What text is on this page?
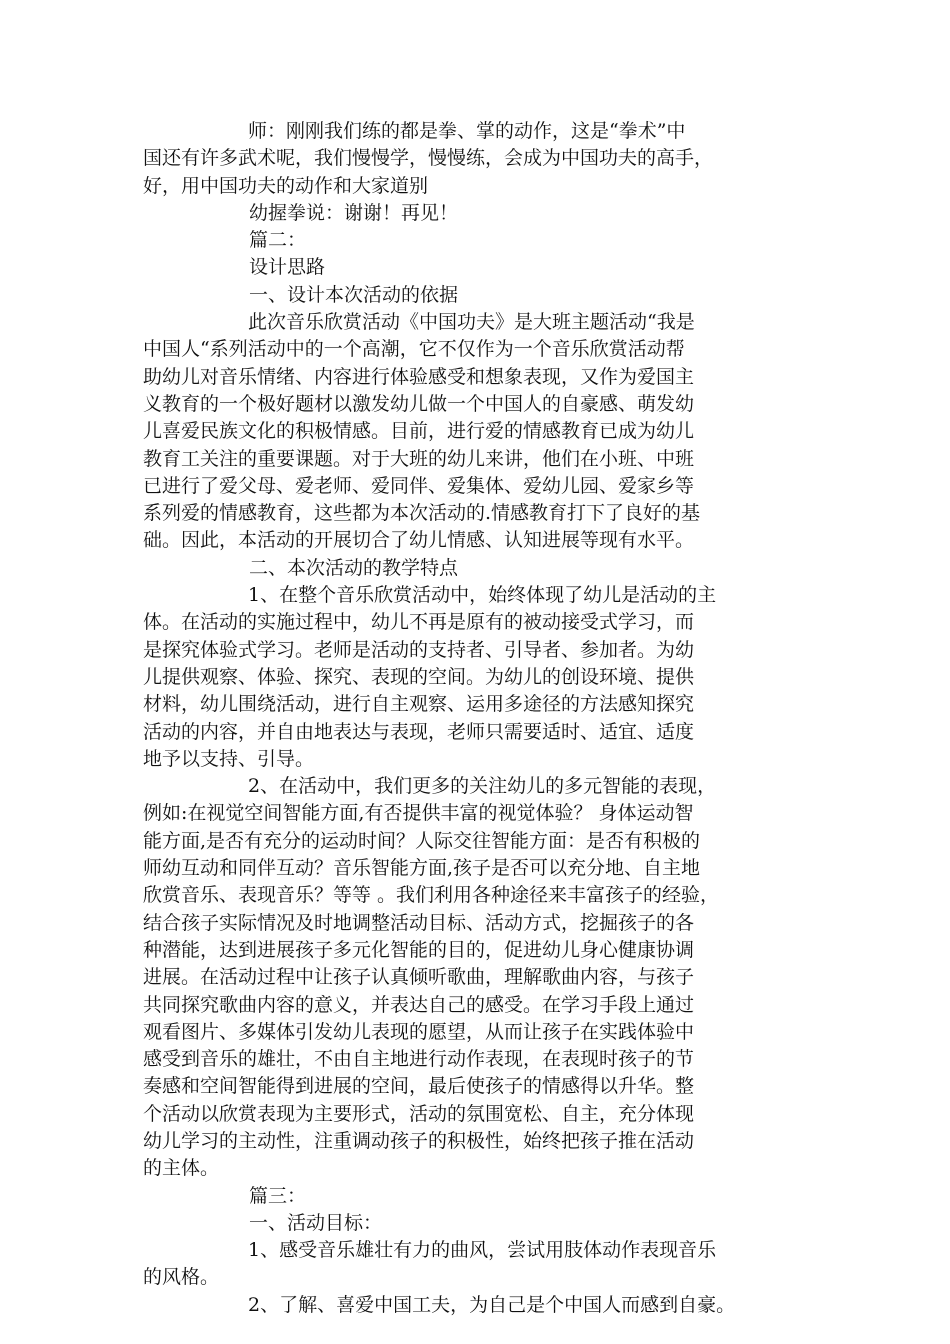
师：刚刚我们练的都是拳、掌的动作，这是“拳术”中
国还有许多武术呢，我们慢慢学，慢慢练，会成为中国功夫的高手，
好，用中国功夫的动作和大家道别
幼握拳说：谢谢！再见！
篇二：
设计思路
一、设计本次活动的依据
此次音乐欣赏活动《中国功夫》是大班主题活动“我是
中国人“系列活动中的一个高潮，它不仅作为一个音乐欣赏活动帮
助幼儿对音乐情绪、内容进行体验感受和想象表现，又作为爱国主
义教育的一个极好题材以激发幼儿做一个中国人的自豪感、萌发幼
儿喜爱民族文化的积极情感。目前，进行爱的情感教育已成为幼儿
教育工关注的重要课题。对于大班的幼儿来讲，他们在小班、中班
已进行了爱父母、爱老师、爱同伴、爱集体、爱幼儿园、爱家乡等
系列爱的情感教育，这些都为本次活动的.情感教育打下了良好的基
础。因此，本活动的开展切合了幼儿情感、认知进展等现有水平。
二、本次活动的教学特点
1、在整个音乐欣赏活动中，始终体现了幼儿是活动的主
体。在活动的实施过程中，幼儿不再是原有的被动接受式学习，而
是探究体验式学习。老师是活动的支持者、引导者、参加者。为幼
儿提供观察、体验、探究、表现的空间。为幼儿的创设环境、提供
材料，幼儿围绕活动，进行自主观察、运用多途径的方法感知探究
活动的内容，并自由地表达与表现，老师只需要适时、适宜、适度
地予以支持、引导。
2、在活动中，我们更多的关注幼儿的多元智能的表现，
例如:在视觉空间智能方面,有否提供丰富的视觉体验？ 身体运动智
能方面,是否有充分的运动时间？人际交往智能方面：是否有积极的
师幼互动和同伴互动？音乐智能方面,孩子是否可以充分地、自主地
欣赏音乐、表现音乐？等等 。我们利用各种途径来丰富孩子的经验，
结合孩子实际情况及时地调整活动目标、活动方式，挖掘孩子的各
种潜能，达到进展孩子多元化智能的目的，促进幼儿身心健康协调
进展。在活动过程中让孩子认真倾听歌曲，理解歌曲内容，与孩子
共同探究歌曲内容的意义，并表达自己的感受。在学习手段上通过
观看图片、多媒体引发幼儿表现的愿望，从而让孩子在实践体验中
感受到音乐的雄壮，不由自主地进行动作表现，在表现时孩子的节
奏感和空间智能得到进展的空间，最后使孩子的情感得以升华。整
个活动以欣赏表现为主要形式，活动的氛围宽松、自主，充分体现
幼儿学习的主动性，注重调动孩子的积极性，始终把孩子推在活动
的主体。
篇三：
一、活动目标：
1、感受音乐雄壮有力的曲风，尝试用肢体动作表现音乐
的风格。
2、了解、喜爱中国工夫，为自己是个中国人而感到自豪。
